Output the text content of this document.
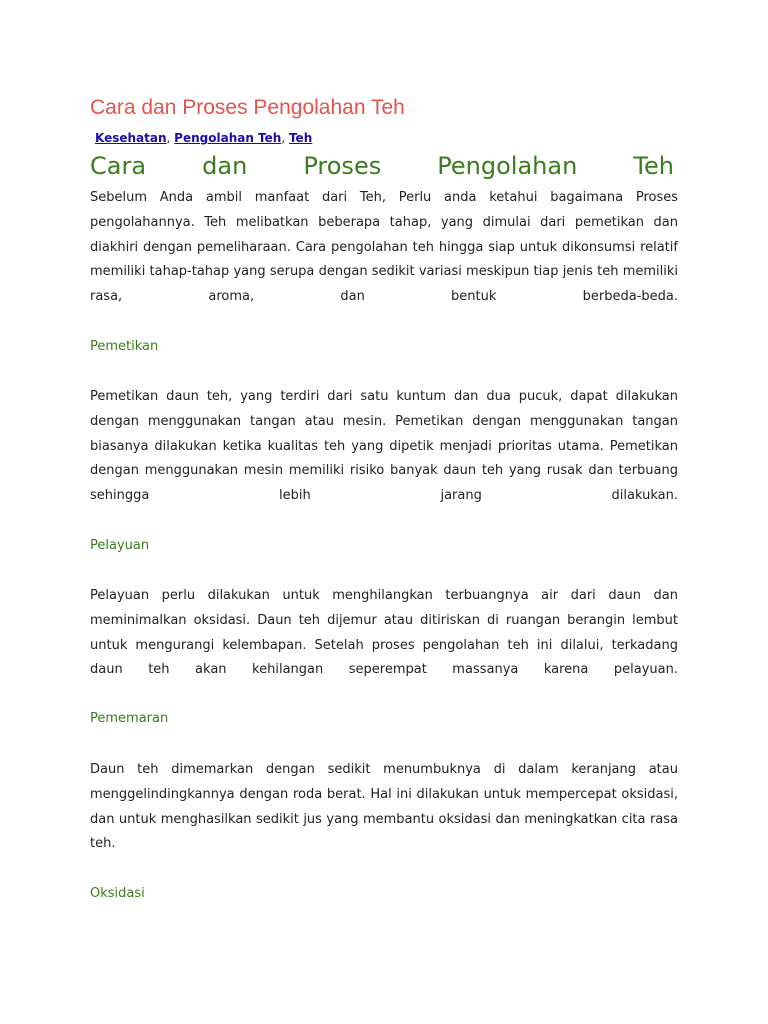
Cara dan Proses Pengolahan Teh
Kesehatan, Pengolahan Teh, Teh
Cara dan Proses Pengolahan Teh

Sebelum Anda ambil manfaat dari Teh, Perlu anda ketahui bagaimana Proses pengolahannya. Teh melibatkan beberapa tahap, yang dimulai dari pemetikan dan diakhiri dengan pemeliharaan. Cara pengolahan teh hingga siap untuk dikonsumsi relatif memiliki tahap-tahap yang serupa dengan sedikit variasi meskipun tiap jenis teh memiliki rasa, aroma, dan bentuk berbeda-beda.

Pemetikan

Pemetikan daun teh, yang terdiri dari satu kuntum dan dua pucuk, dapat dilakukan dengan menggunakan tangan atau mesin. Pemetikan dengan menggunakan tangan biasanya dilakukan ketika kualitas teh yang dipetik menjadi prioritas utama. Pemetikan dengan menggunakan mesin memiliki risiko banyak daun teh yang rusak dan terbuang sehingga lebih jarang dilakukan.

Pelayuan

Pelayuan perlu dilakukan untuk menghilangkan terbuangnya air dari daun dan meminimalkan oksidasi. Daun teh dijemur atau ditiriskan di ruangan berangin lembut untuk mengurangi kelembapan. Setelah proses pengolahan teh ini dilalui, terkadang daun teh akan kehilangan seperempat massanya karena pelayuan.

Pememaran

Daun teh dimemarkan dengan sedikit menumbuknya di dalam keranjang atau menggelindingkannya dengan roda berat. Hal ini dilakukan untuk mempercepat oksidasi, dan untuk menghasilkan sedikit jus yang membantu oksidasi dan meningkatkan cita rasa teh.

Oksidasi
